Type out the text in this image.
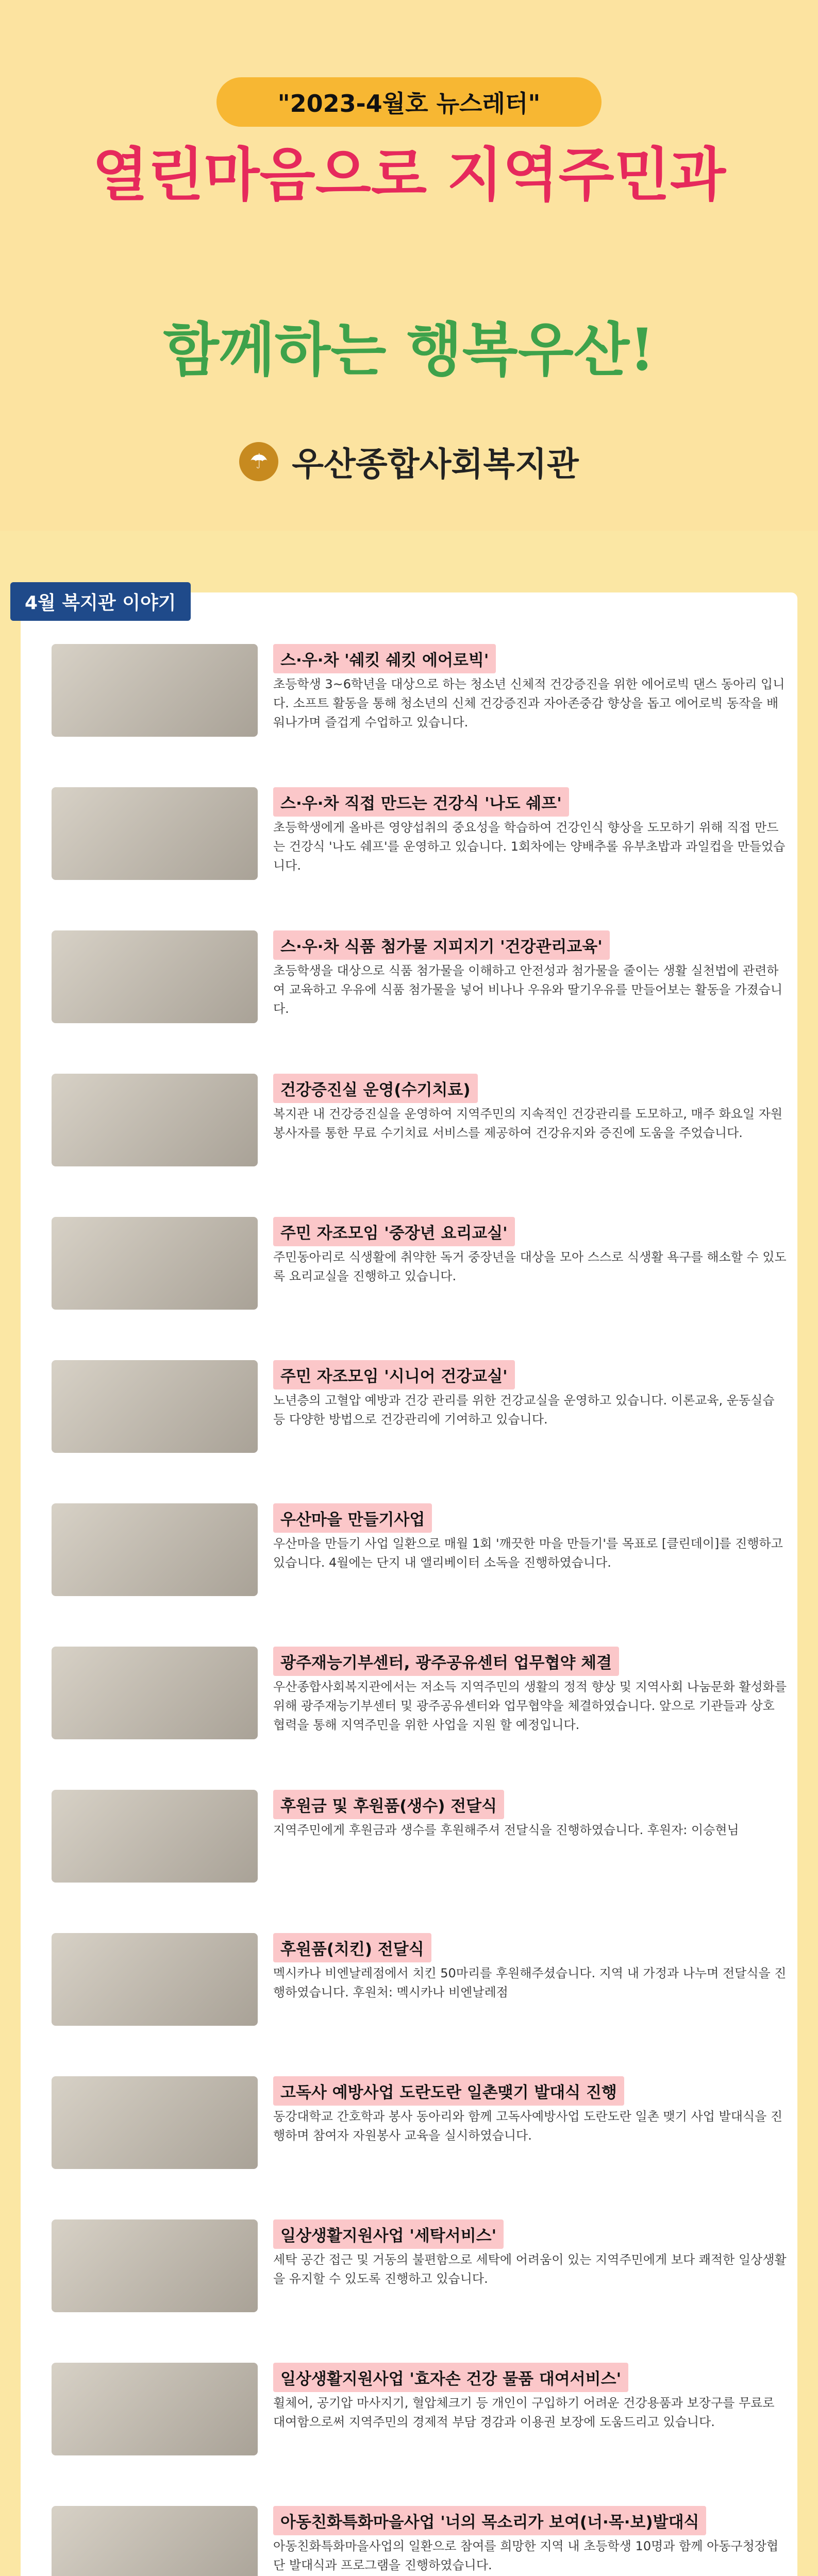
"2023-4월호 뉴스레터"
열린마음으로 지역주민과
함께하는 행복우산!
☂ 우산종합사회복지관
4월 복지관 이야기
스·우·차 '쉐킷 쉐킷 에어로빅'
초등학생 3~6학년을 대상으로 하는 청소년 신체적 건강증진을 위한 에어로빅 댄스 동아리 입니다. 소프트 활동을 통해 청소년의 신체 건강증진과 자아존중감 향상을 돕고 에어로빅 동작을 배워나가며 즐겁게 수업하고 있습니다.
스·우·차 직접 만드는 건강식 '나도 쉐프'
초등학생에게 올바른 영양섭취의 중요성을 학습하여 건강인식 향상을 도모하기 위해 직접 만드는 건강식 '나도 쉐프'를 운영하고 있습니다. 1회차에는 양배추롤 유부초밥과 과일컵을 만들었습니다.
스·우·차 식품 첨가물 지피지기 '건강관리교육'
초등학생을 대상으로 식품 첨가물을 이해하고 안전성과 첨가물을 줄이는 생활 실천법에 관련하여 교육하고 우유에 식품 첨가물을 넣어 비나나 우유와 딸기우유를 만들어보는 활동을 가졌습니다.
건강증진실 운영(수기치료)
복지관 내 건강증진실을 운영하여 지역주민의 지속적인 건강관리를 도모하고, 매주 화요일 자원봉사자를 통한 무료 수기치료 서비스를 제공하여 건강유지와 증진에 도움을 주었습니다.
주민 자조모임 '중장년 요리교실'
주민동아리로 식생활에 취약한 독거 중장년을 대상을 모아 스스로 식생활 욕구를 해소할 수 있도록 요리교실을 진행하고 있습니다.
주민 자조모임 '시니어 건강교실'
노년층의 고혈압 예방과 건강 관리를 위한 건강교실을 운영하고 있습니다. 이론교육, 운동실습 등 다양한 방법으로 건강관리에 기여하고 있습니다.
우산마을 만들기사업
우산마을 만들기 사업 일환으로 매월 1회 '깨끗한 마을 만들기'를 목표로 [클린데이]를 진행하고 있습니다. 4월에는 단지 내 앨리베이터 소독을 진행하였습니다.
광주재능기부센터, 광주공유센터 업무협약 체결
우산종합사회복지관에서는 저소득 지역주민의 생활의 정적 향상 및 지역사회 나눔문화 활성화를 위해 광주재능기부센터 및 광주공유센터와 업무협약을 체결하였습니다. 앞으로 기관들과 상호 협력을 통해 지역주민을 위한 사업을 지원 할 예정입니다.
후원금 및 후원품(생수) 전달식
지역주민에게 후원금과 생수를 후원해주셔 전달식을 진행하였습니다. 후원자: 이승현님
후원품(치킨) 전달식
멕시카나 비엔날레점에서 치킨 50마리를 후원해주셨습니다. 지역 내 가정과 나누며 전달식을 진행하였습니다. 후원처: 멕시카나 비엔날레점
고독사 예방사업 도란도란 일촌맺기 발대식 진행
동강대학교 간호학과 봉사 동아리와 함께 고독사예방사업 도란도란 일촌 맺기 사업 발대식을 진행하며 참여자 자원봉사 교육을 실시하였습니다.
일상생활지원사업 '세탁서비스'
세탁 공간 접근 및 거동의 불편함으로 세탁에 어려움이 있는 지역주민에게 보다 쾌적한 일상생활을 유지할 수 있도록 진행하고 있습니다.
일상생활지원사업 '효자손 건강 물품 대여서비스'
휠체어, 공기압 마사지기, 혈압체크기 등 개인이 구입하기 어려운 건강용품과 보장구를 무료로 대여함으로써 지역주민의 경제적 부담 경감과 이용권 보장에 도움드리고 있습니다.
아동친화특화마을사업 '너의 목소리가 보여(너·목·보)발대식
아동친화특화마을사업의 일환으로 참여를 희망한 지역 내 초등학생 10명과 함께 아동구청장협단 발대식과 프로그램을 진행하였습니다.
